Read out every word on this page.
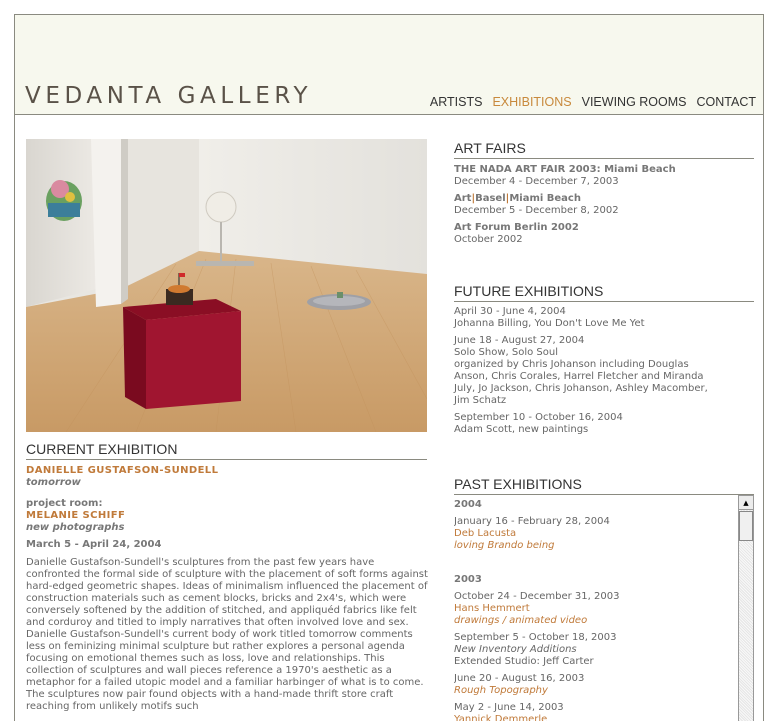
VEDANTA GALLERY	ARTISTS EXHIBITIONS VIEWING ROOMS CONTACT
CURRENT EXHIBITION
DANIELLE GUSTAFSON-SUNDELL
tomorrow
project room:
MELANIE SCHIFF
new photographs
March 5 - April 24, 2004
Danielle Gustafson-Sundell's sculptures from the past few years have confronted the formal side of sculpture with the placement of soft forms against hard-edged geometric shapes. Ideas of minimalism influenced the placement of construction materials such as cement blocks, bricks and 2x4's, which were conversely softened by the addition of stitched, and appliquéd fabrics like felt and corduroy and titled to imply narratives that often involved love and sex. Danielle Gustafson-Sundell's current body of work titled tomorrow comments less on feminizing minimal sculpture but rather explores a personal agenda focusing on emotional themes such as loss, love and relationships. This collection of sculptures and wall pieces reference a 1970's aesthetic as a metaphor for a failed utopic model and a familiar harbinger of what is to come. The sculptures now pair found objects with a hand-made thrift store craft reaching from unlikely motifs such
ART FAIRS
THE NADA ART FAIR 2003: Miami Beach
December 4 - December 7, 2003
Art|Basel|Miami Beach
December 5 - December 8, 2002
Art Forum Berlin 2002
October 2002
FUTURE EXHIBITIONS
April 30 - June 4, 2004
Johanna Billing, You Don't Love Me Yet
June 18 - August 27, 2004
Solo Show, Solo Soul
organized by Chris Johanson including Douglas
Anson, Chris Corales, Harrel Fletcher and Miranda
July, Jo Jackson, Chris Johanson, Ashley Macomber,
Jim Schatz
September 10 - October 16, 2004
Adam Scott, new paintings
PAST EXHIBITIONS
2004
January 16 - February 28, 2004
Deb Lacusta
loving Brando being
2003
October 24 - December 31, 2003
Hans Hemmert
drawings / animated video
September 5 - October 18, 2003
New Inventory Additions
Extended Studio: Jeff Carter
June 20 - August 16, 2003
Rough Topography
May 2 - June 14, 2003
Yannick Demmerle
▲
